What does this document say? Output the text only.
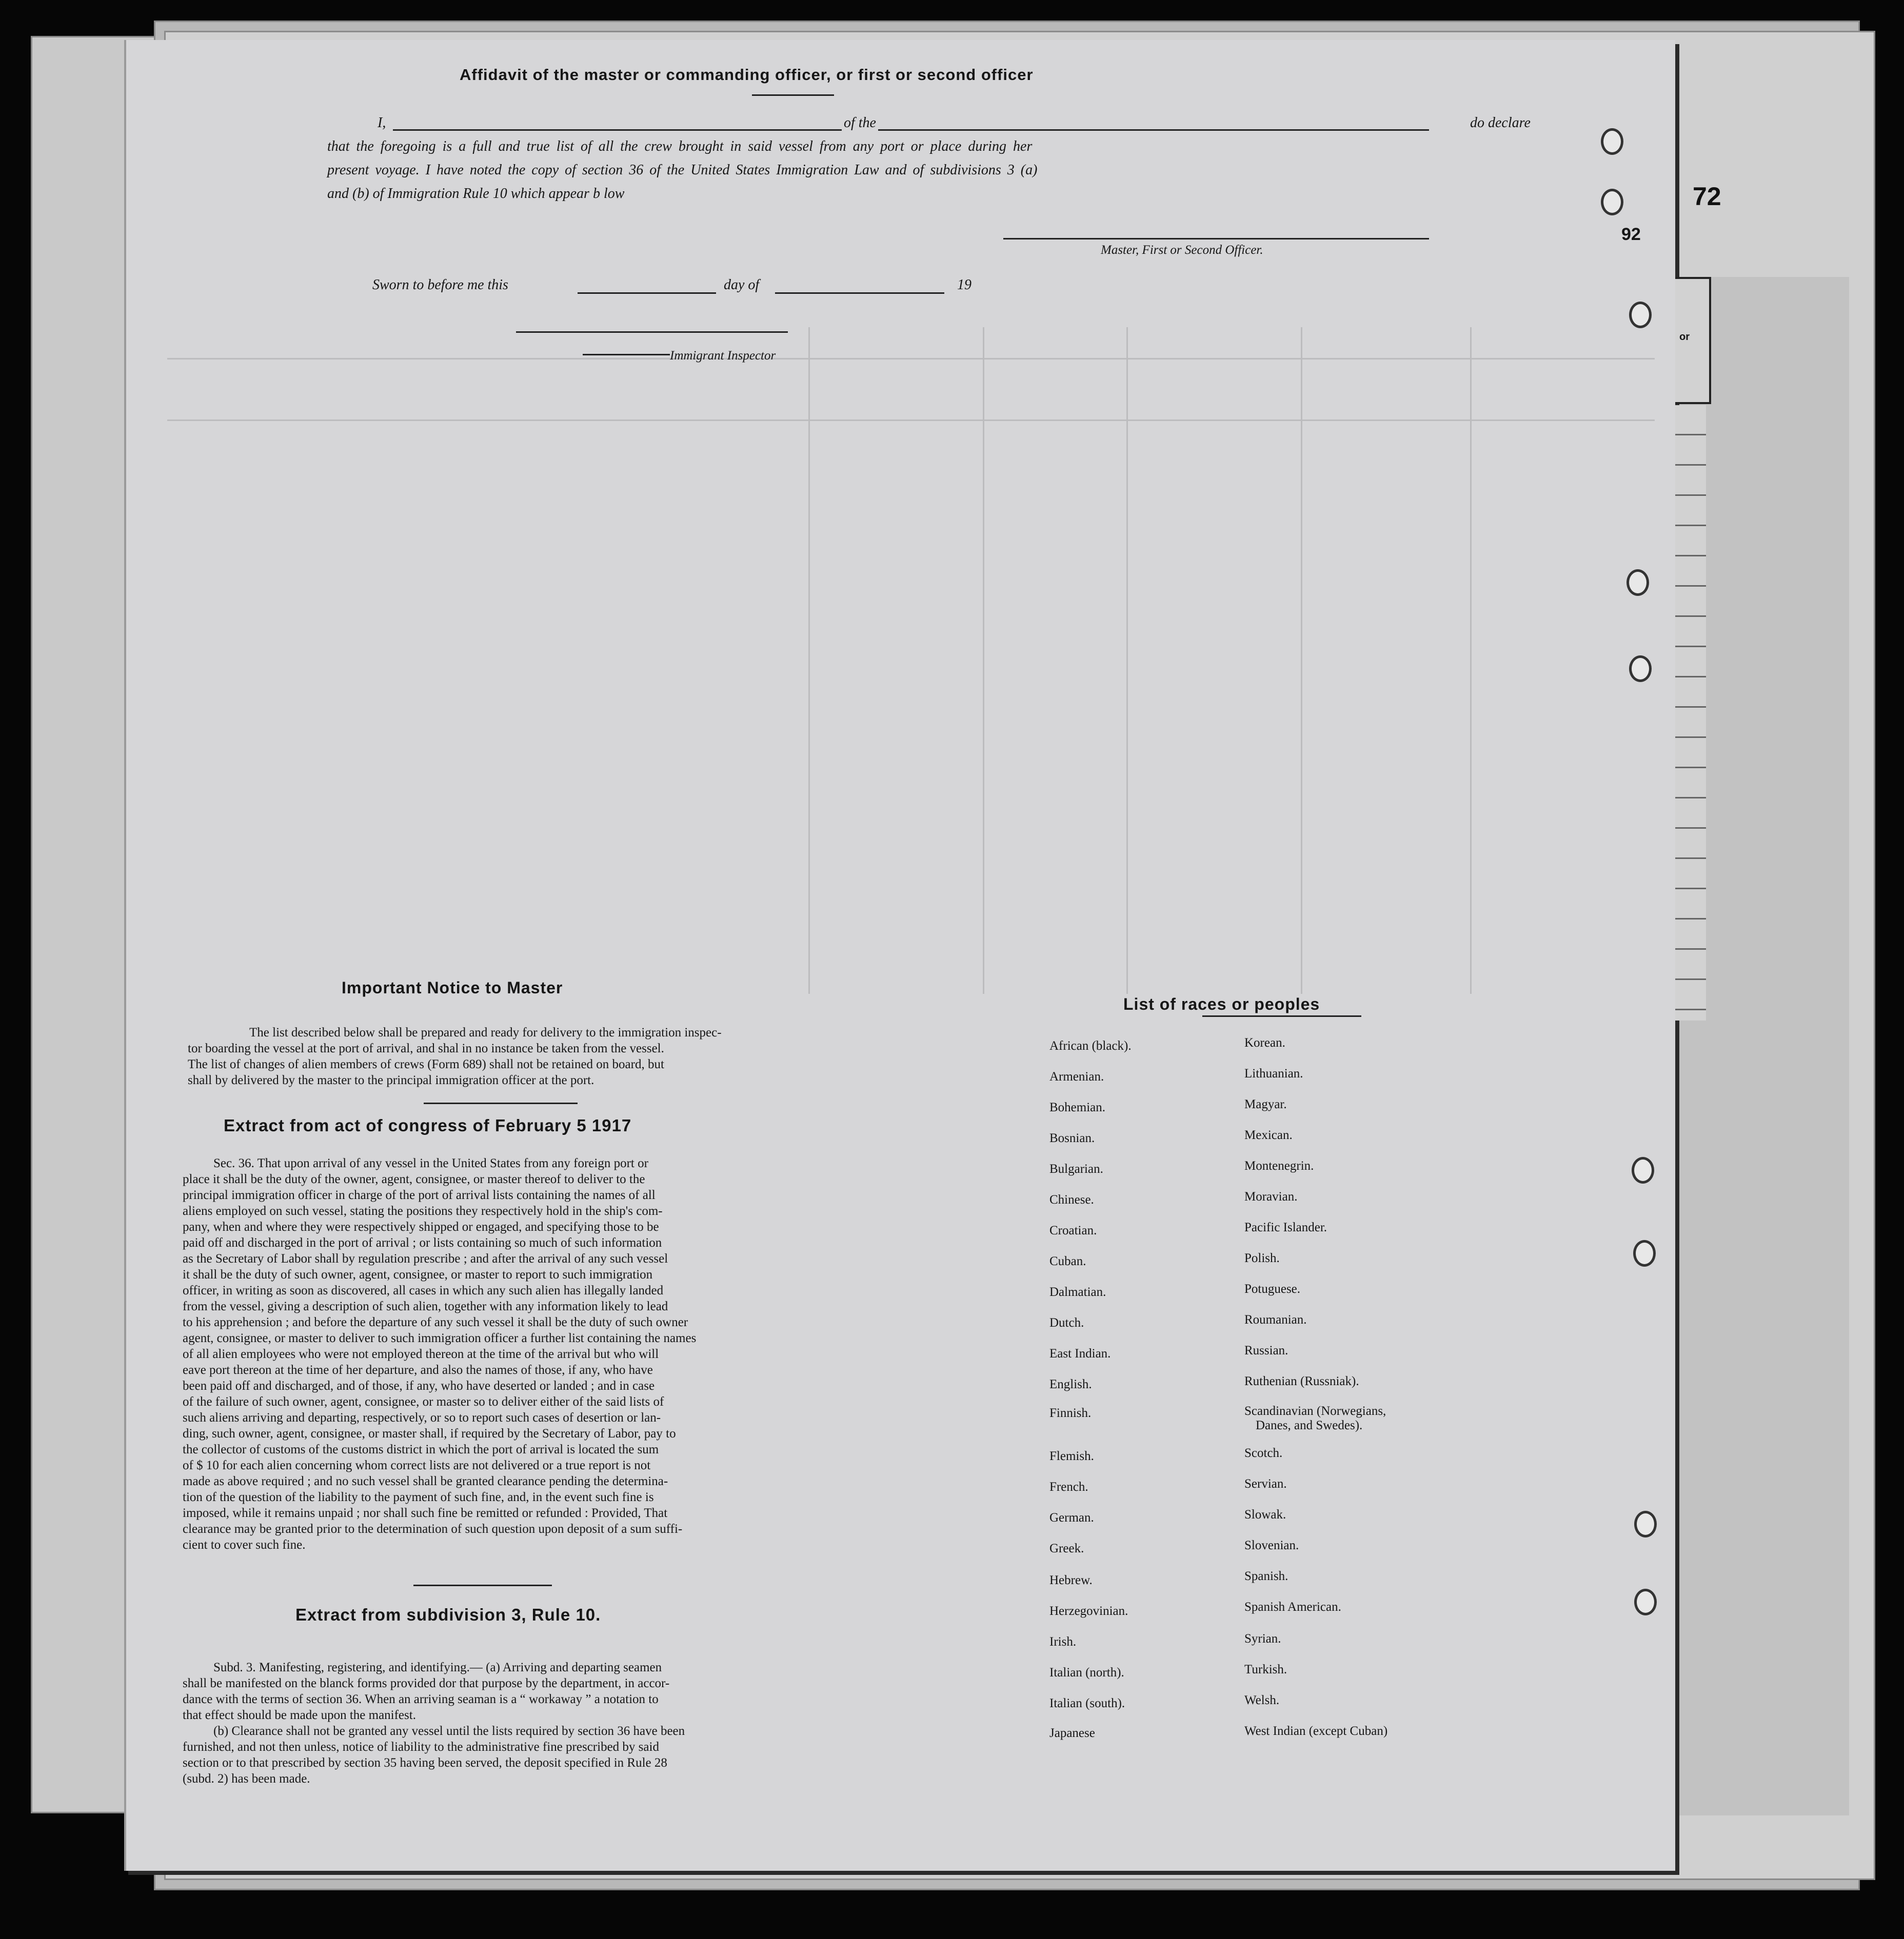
Affidavit of the master or commanding officer, or first or second officer
I,	of the	do declare
that the foregoing is a full and true list of all the crew brought in said vessel from any port or place during her
present voyage. I have noted the copy of section 36 of the United States Immigration Law and of subdivisions 3 (a)
and (b) of Immigration Rule 10 which appear b low
Master, First or Second Officer.
Sworn to before me this	day of	19
Immigrant Inspector
Important Notice to Master
The list described below shall be prepared and ready for delivery to the immigration inspec-
tor boarding the vessel at the port of arrival, and shal in no instance be taken from the vessel.
The list of changes of alien members of crews (Form 689) shall not be retained on board, but
shall by delivered by the master to the principal immigration officer at the port.
Extract from act of congress of February 5 1917
Sec. 36. That upon arrival of any vessel in the United States from any foreign port or
place it shall be the duty of the owner, agent, consignee, or master thereof to deliver to the
principal immigration officer in charge of the port of arrival lists containing the names of all
aliens employed on such vessel, stating the positions they respectively hold in the ship's com-
pany, when and where they were respectively shipped or engaged, and specifying those to be
paid off and discharged in the port of arrival ; or lists containing so much of such information
as the Secretary of Labor shall by regulation prescribe ; and after the arrival of any such vessel
it shall be the duty of such owner, agent, consignee, or master to report to such immigration
officer, in writing as soon as discovered, all cases in which any such alien has illegally landed
from the vessel, giving a description of such alien, together with any information likely to lead
to his apprehension ; and before the departure of any such vessel it shall be the duty of such owner
agent, consignee, or master to deliver to such immigration officer a further list containing the names
of all alien employees who were not employed thereon at the time of the arrival but who will
eave port thereon at the time of her departure, and also the names of those, if any, who have
been paid off and discharged, and of those, if any, who have deserted or landed ; and in case
of the failure of such owner, agent, consignee, or master so to deliver either of the said lists of
such aliens arriving and departing, respectively, or so to report such cases of desertion or lan-
ding, such owner, agent, consignee, or master shall, if required by the Secretary of Labor, pay to
the collector of customs of the customs district in which the port of arrival is located the sum
of $ 10 for each alien concerning whom correct lists are not delivered or a true report is not
made as above required ; and no such vessel shall be granted clearance pending the determina-
tion of the question of the liability to the payment of such fine, and, in the event such fine is
imposed, while it remains unpaid ; nor shall such fine be remitted or refunded : Provided, That
clearance may be granted prior to the determination of such question upon deposit of a sum suffi-
cient to cover such fine.
Extract from subdivision 3, Rule 10.
Subd. 3. Manifesting, registering, and identifying.— (a) Arriving and departing seamen
shall be manifested on the blanck forms provided dor that purpose by the department, in accor-
dance with the terms of section 36. When an arriving seaman is a “ workaway ” a notation to
that effect should be made upon the manifest.
(b) Clearance shall not be granted any vessel until the lists required by section 36 have been
furnished, and not then unless, notice of liability to the administrative fine prescribed by said
section or to that prescribed by section 35 having been served, the deposit specified in Rule 28
(subd. 2) has been made.
List of races or peoples
African (black).
Armenian.
Bohemian.
Bosnian.
Bulgarian.
Chinese.
Croatian.
Cuban.
Dalmatian.
Dutch.
East Indian.
English.
Finnish.
Flemish.
French.
German.
Greek.
Hebrew.
Herzegovinian.
Irish.
Italian (north).
Italian (south).
Japanese
Korean.
Lithuanian.
Magyar.
Mexican.
Montenegrin.
Moravian.
Pacific Islander.
Polish.
Potuguese.
Roumanian.
Russian.
Ruthenian (Russniak).
Scandinavian (Norwegians,
Danes, and Swedes).
Scotch.
Servian.
Slowak.
Slovenian.
Spanish.
Spanish American.
Syrian.
Turkish.
Welsh.
West Indian (except Cuban)
92
72
or
